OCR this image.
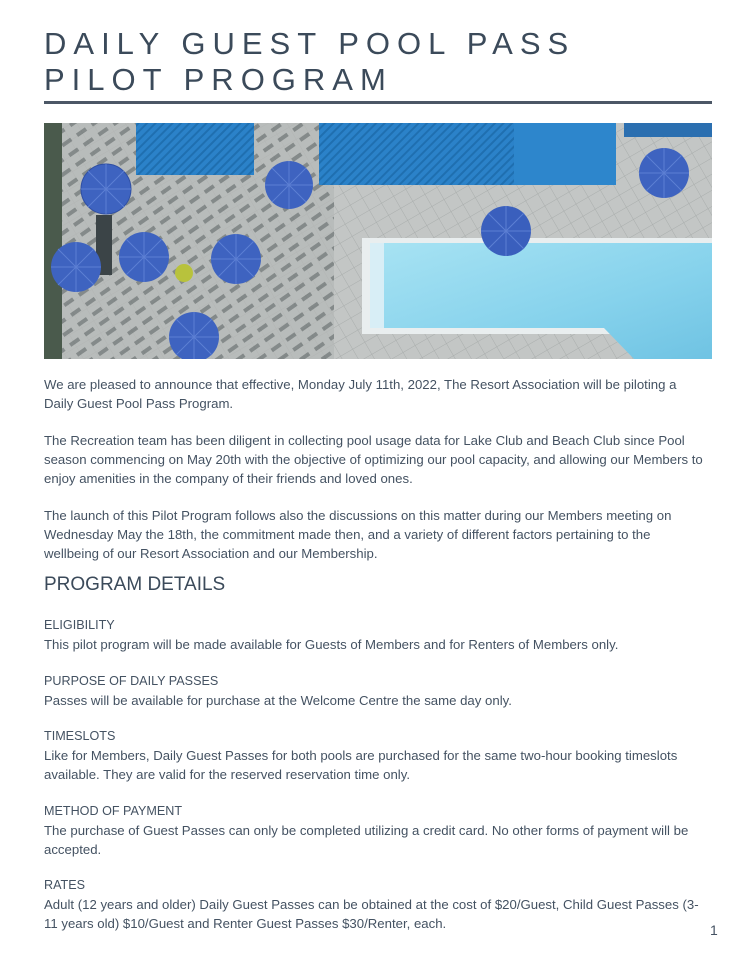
DAILY GUEST POOL PASS
PILOT PROGRAM

We are pleased to announce that effective, Monday July 11th, 2022, The Resort Association will be piloting a Daily Guest Pool Pass Program.

The Recreation team has been diligent in collecting pool usage data for Lake Club and Beach Club since Pool season commencing on May 20th with the objective of optimizing our pool capacity, and allowing our Members to enjoy amenities in the company of their friends and loved ones.

The launch of this Pilot Program follows also the discussions on this matter during our Members meeting on Wednesday May the 18th, the commitment made then, and a variety of different factors pertaining to the wellbeing of our Resort Association and our Membership.

PROGRAM DETAILS
ELIGIBILITY
This pilot program will be made available for Guests of Members and for Renters of Members only.
PURPOSE OF DAILY PASSES
Passes will be available for purchase at the Welcome Centre the same day only.
TIMESLOTS
Like for Members, Daily Guest Passes for both pools are purchased for the same two-hour booking timeslots available. They are valid for the reserved reservation time only.
METHOD OF PAYMENT
The purchase of Guest Passes can only be completed utilizing a credit card. No other forms of payment will be accepted.
RATES
Adult (12 years and older) Daily Guest Passes can be obtained at the cost of $20/Guest, Child Guest Passes (3-11 years old) $10/Guest and Renter Guest Passes $30/Renter, each.	1
